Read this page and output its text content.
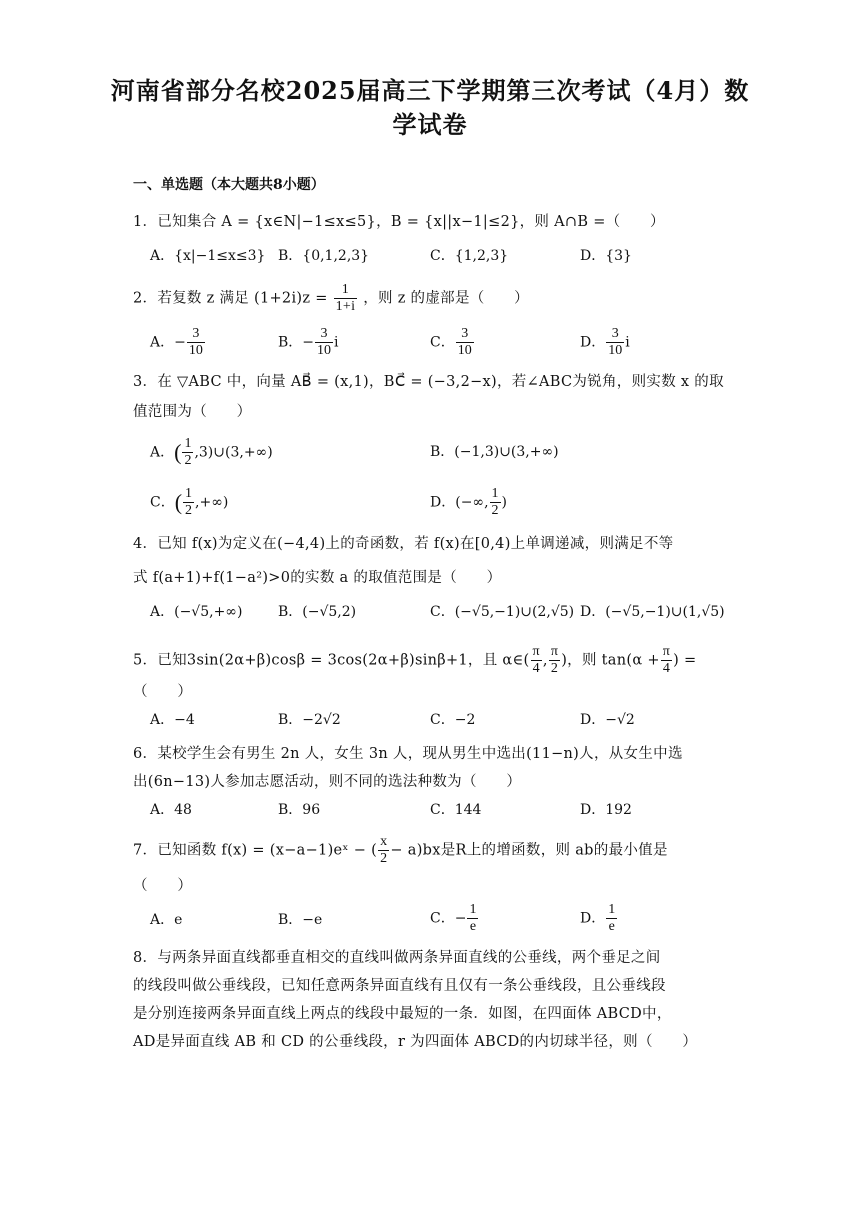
河南省部分名校2025届高三下学期第三次考试（4月）数学试卷
一、单选题（本大题共8小题）
1．已知集合 A = {x∈N|−1≤x≤5}，B = {x||x−1|≤2}，则 A∩B =（　　）
A．{x|−1≤x≤3} B．{0,1,2,3}	C．{1,2,3}	D．{3}
2．若复数 z 满足 $(1+2i)z = \frac{1}{1+i}$ ，则 z 的虚部是（　　）
A．− $\frac{3}{10}$	B．− $\frac{3}{10}$ i	C． $\frac{3}{10}$	D． $\frac{3}{10}$ i
3．在 ▽ABC 中，向量 AB⃗ = (x,1)，BC⃗ = (−3,2−x)，若∠ABC为锐角，则实数 x 的取
值范围为（　　）
A．( $\frac{1}{2}$ ,3)∪(3,+∞)	B．(−1,3)∪(3,+∞)
C．( $\frac{1}{2}$ ,+∞)	D．(−∞, $\frac{1}{2}$ )
4．已知 f(x)为定义在(−4,4)上的奇函数，若 f(x)在[0,4)上单调递减，则满足不等
式 f(a+1)+f(1−a²)>0的实数 a 的取值范围是（　　）
A．(−√5,+∞)	B．(−√5,2)	C．(−√5,−1)∪(2,√5) D．(−√5,−1)∪(1,√5)
5．已知3sin(2α+β)cosβ = 3cos(2α+β)sinβ+1，且 α∈( $\frac{\pi}{4}$ , $\frac{\pi}{2}$ )，则 $\tan(\alpha + \frac{\pi}{4}$ ) =
（　　）
A．−4	B．−2√2	C．−2	D．−√2
6．某校学生会有男生 2n 人，女生 3n 人，现从男生中选出(11−n)人，从女生中选
出(6n−13)人参加志愿活动，则不同的选法种数为（　　）
A．48	B．96	C．144	D．192
7．已知函数 f(x) = (x−a−1)eˣ − ( $\frac{x}{2} - a)bx$是R上的增函数，则 ab的最小值是
（　　）
A．e	B．−e	C．− $\frac{1}{e}$	D． $\frac{1}{e}$
8．与两条异面直线都垂直相交的直线叫做两条异面直线的公垂线，两个垂足之间
的线段叫做公垂线段，已知任意两条异面直线有且仅有一条公垂线段，且公垂线段
是分别连接两条异面直线上两点的线段中最短的一条．如图，在四面体 ABCD中，
AD是异面直线 AB 和 CD 的公垂线段，r 为四面体 ABCD的内切球半径，则（　　）
